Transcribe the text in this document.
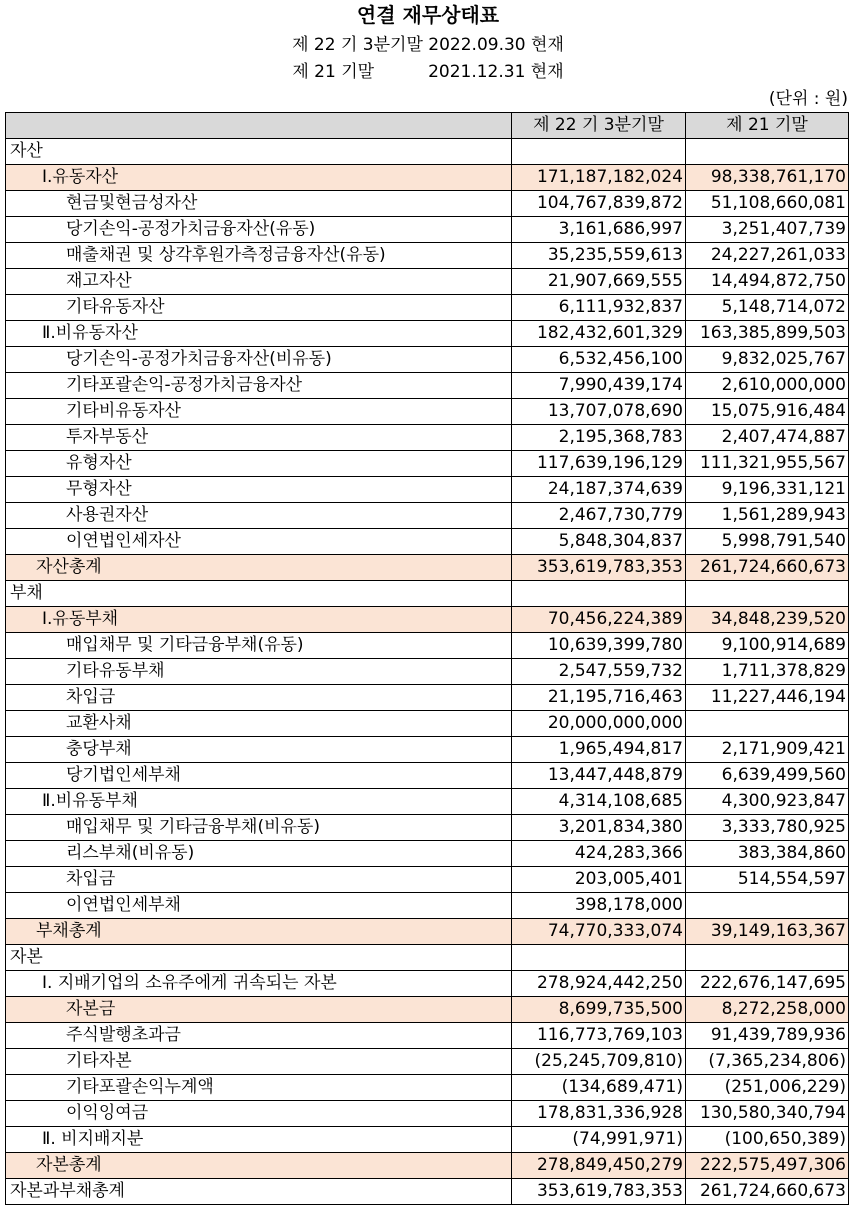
연결 재무상태표
제 22 기 3분기말 2022.09.30 현재
제 21 기말          2021.12.31 현재
(단위 : 원)
	제 22 기 3분기말	제 21 기말
자산		
Ⅰ.유동자산	171,187,182,024	98,338,761,170
현금및현금성자산	104,767,839,872	51,108,660,081
당기손익-공정가치금융자산(유동)	3,161,686,997	3,251,407,739
매출채권 및 상각후원가측정금융자산(유동)	35,235,559,613	24,227,261,033
재고자산	21,907,669,555	14,494,872,750
기타유동자산	6,111,932,837	5,148,714,072
Ⅱ.비유동자산	182,432,601,329	163,385,899,503
당기손익-공정가치금융자산(비유동)	6,532,456,100	9,832,025,767
기타포괄손익-공정가치금융자산	7,990,439,174	2,610,000,000
기타비유동자산	13,707,078,690	15,075,916,484
투자부동산	2,195,368,783	2,407,474,887
유형자산	117,639,196,129	111,321,955,567
무형자산	24,187,374,639	9,196,331,121
사용권자산	2,467,730,779	1,561,289,943
이연법인세자산	5,848,304,837	5,998,791,540
자산총계	353,619,783,353	261,724,660,673
부채		
Ⅰ.유동부채	70,456,224,389	34,848,239,520
매입채무 및 기타금융부채(유동)	10,639,399,780	9,100,914,689
기타유동부채	2,547,559,732	1,711,378,829
차입금	21,195,716,463	11,227,446,194
교환사채	20,000,000,000	
충당부채	1,965,494,817	2,171,909,421
당기법인세부채	13,447,448,879	6,639,499,560
Ⅱ.비유동부채	4,314,108,685	4,300,923,847
매입채무 및 기타금융부채(비유동)	3,201,834,380	3,333,780,925
리스부채(비유동)	424,283,366	383,384,860
차입금	203,005,401	514,554,597
이연법인세부채	398,178,000	
부채총계	74,770,333,074	39,149,163,367
자본		
Ⅰ. 지배기업의 소유주에게 귀속되는 자본	278,924,442,250	222,676,147,695
자본금	8,699,735,500	8,272,258,000
주식발행초과금	116,773,769,103	91,439,789,936
기타자본	(25,245,709,810)	(7,365,234,806)
기타포괄손익누계액	(134,689,471)	(251,006,229)
이익잉여금	178,831,336,928	130,580,340,794
Ⅱ. 비지배지분	(74,991,971)	(100,650,389)
자본총계	278,849,450,279	222,575,497,306
자본과부채총계	353,619,783,353	261,724,660,673
